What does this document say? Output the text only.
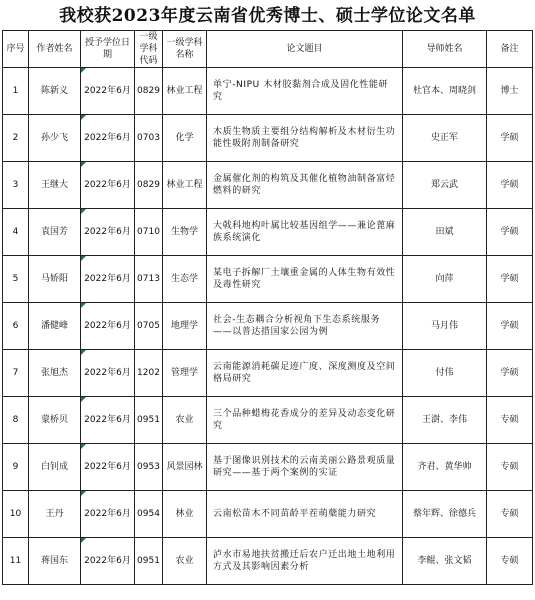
我校获2023年度云南省优秀博士、硕士学位论文名单
序号	作者姓名	授予学位日期	一级学科代码	一级学科名称	论文题目	导师姓名	备注
1	陈新义	2022年6月	0829	林业工程	单宁-NIPU 木材胶黏剂合成及固化性能研究	杜官本、周晓剑	博士
2	孙少飞	2022年6月	0703	化学	木质生物质主要组分结构解析及木材衍生功能性吸附剂制备研究	史正军	学硕
3	王继大	2022年6月	0829	林业工程	金属催化剂的构筑及其催化植物油制备富烃燃料的研究	郑云武	学硕
4	袁国芳	2022年6月	0710	生物学	大戟科地构叶属比较基因组学——兼论蓖麻族系统演化	田斌	学硕
5	马娇阳	2022年6月	0713	生态学	某电子拆解厂土壤重金属的人体生物有效性及毒性研究	向萍	学硕
6	潘健峰	2022年6月	0705	地理学	社会-生态耦合分析视角下生态系统服务——以普达措国家公园为例	马月伟	学硕
7	张旭杰	2022年6月	1202	管理学	云南能源消耗碳足迹广度、深度测度及空间格局研究	付伟	学硕
8	蒙桥贝	2022年6月	0951	农业	三个品种蜡梅花香成分的差异及动态变化研究	王澍、李伟	专硕
9	白钊成	2022年6月	0953	风景园林	基于图像识别技术的云南美丽公路景观质量研究——基于两个案例的实证	齐君、黄华帅	专硕
10	王丹	2022年6月	0954	林业	云南松苗木不同苗龄平茬萌蘖能力研究	蔡年辉、徐德兵	专硕
11	蒋国东	2022年6月	0951	农业	泸水市易地扶贫搬迁后农户迁出地土地利用方式及其影响因素分析	李鲲、张文韬	专硕
